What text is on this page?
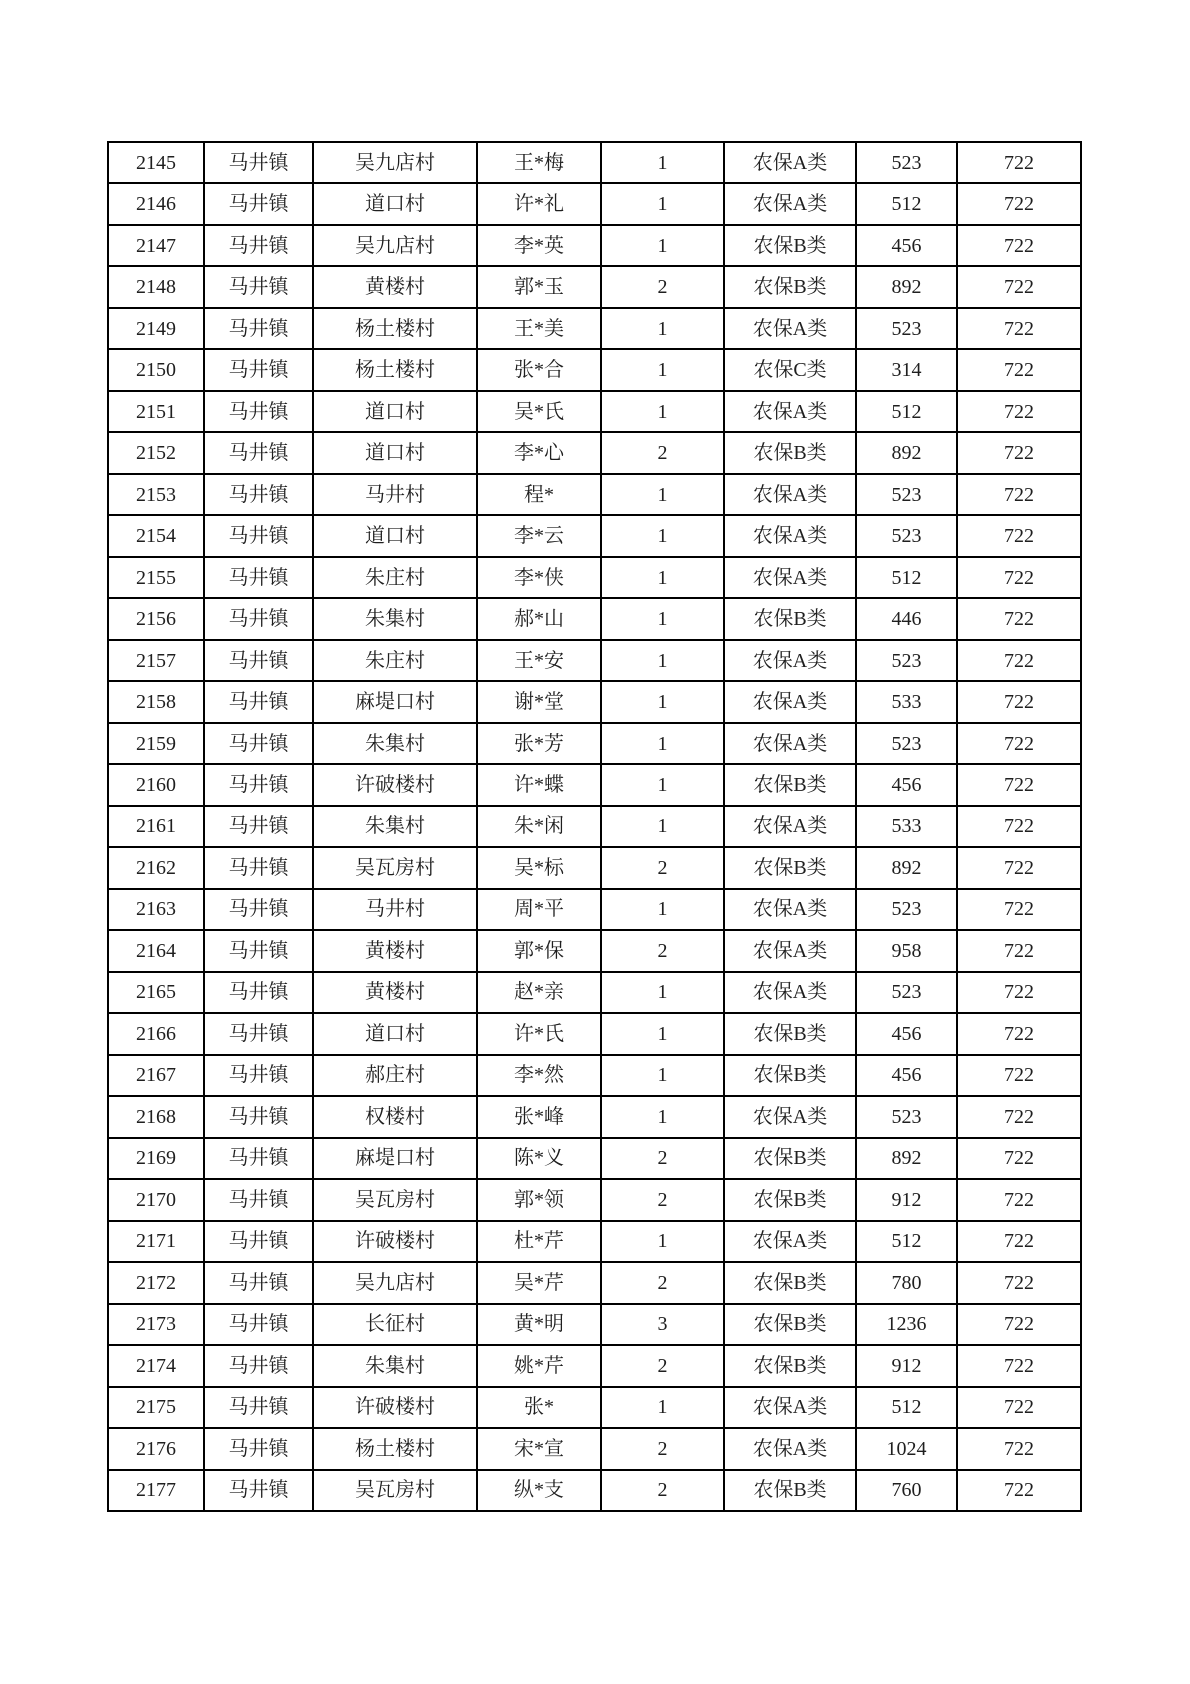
2145	马井镇	吴九店村	王*梅	1	农保A类	523	722
2146	马井镇	道口村	许*礼	1	农保A类	512	722
2147	马井镇	吴九店村	李*英	1	农保B类	456	722
2148	马井镇	黄楼村	郭*玉	2	农保B类	892	722
2149	马井镇	杨土楼村	王*美	1	农保A类	523	722
2150	马井镇	杨土楼村	张*合	1	农保C类	314	722
2151	马井镇	道口村	吴*氏	1	农保A类	512	722
2152	马井镇	道口村	李*心	2	农保B类	892	722
2153	马井镇	马井村	程*	1	农保A类	523	722
2154	马井镇	道口村	李*云	1	农保A类	523	722
2155	马井镇	朱庄村	李*侠	1	农保A类	512	722
2156	马井镇	朱集村	郝*山	1	农保B类	446	722
2157	马井镇	朱庄村	王*安	1	农保A类	523	722
2158	马井镇	麻堤口村	谢*堂	1	农保A类	533	722
2159	马井镇	朱集村	张*芳	1	农保A类	523	722
2160	马井镇	许破楼村	许*蝶	1	农保B类	456	722
2161	马井镇	朱集村	朱*闲	1	农保A类	533	722
2162	马井镇	吴瓦房村	吴*标	2	农保B类	892	722
2163	马井镇	马井村	周*平	1	农保A类	523	722
2164	马井镇	黄楼村	郭*保	2	农保A类	958	722
2165	马井镇	黄楼村	赵*亲	1	农保A类	523	722
2166	马井镇	道口村	许*氏	1	农保B类	456	722
2167	马井镇	郝庄村	李*然	1	农保B类	456	722
2168	马井镇	权楼村	张*峰	1	农保A类	523	722
2169	马井镇	麻堤口村	陈*义	2	农保B类	892	722
2170	马井镇	吴瓦房村	郭*领	2	农保B类	912	722
2171	马井镇	许破楼村	杜*芹	1	农保A类	512	722
2172	马井镇	吴九店村	吴*芹	2	农保B类	780	722
2173	马井镇	长征村	黄*明	3	农保B类	1236	722
2174	马井镇	朱集村	姚*芹	2	农保B类	912	722
2175	马井镇	许破楼村	张*	1	农保A类	512	722
2176	马井镇	杨土楼村	宋*宣	2	农保A类	1024	722
2177	马井镇	吴瓦房村	纵*支	2	农保B类	760	722
